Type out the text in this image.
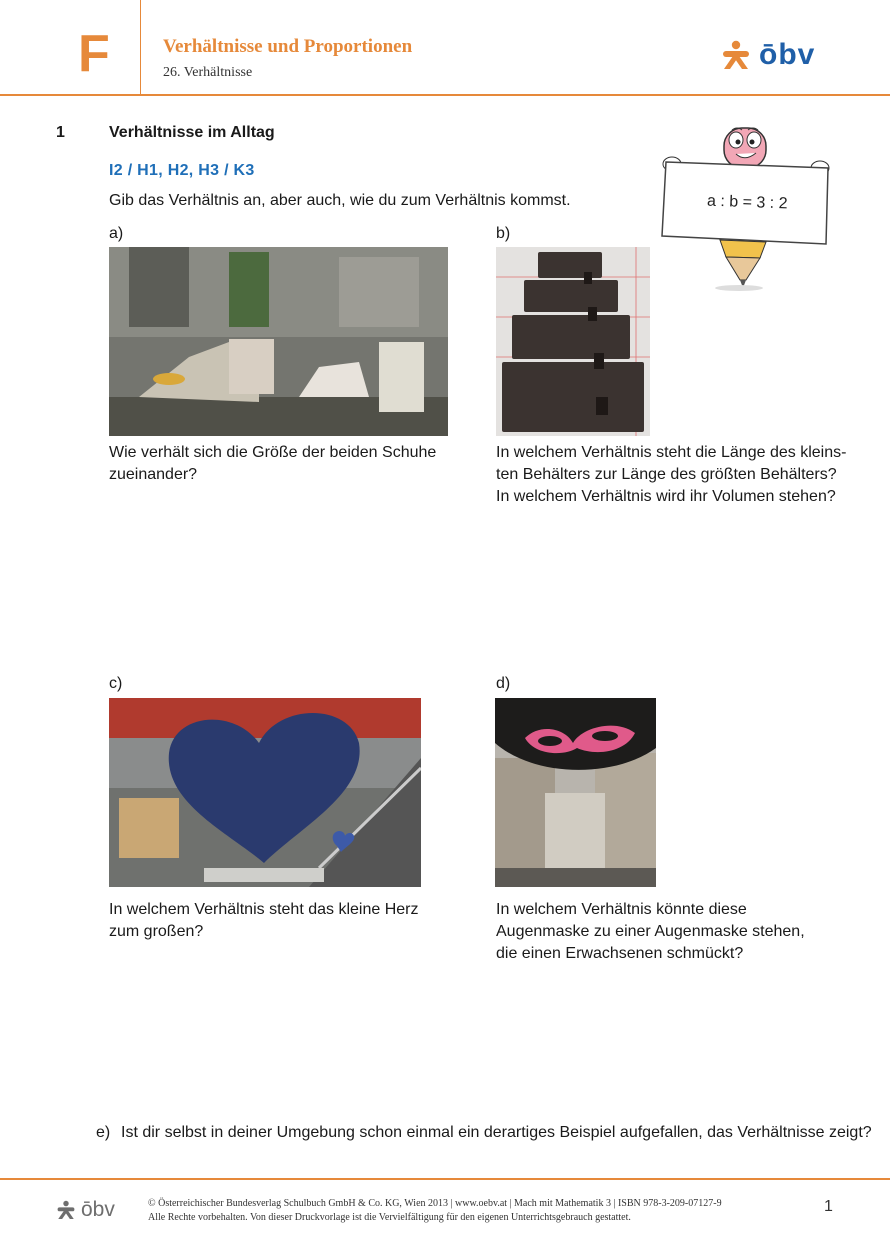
F	Verhältnisse und Proportionen
26. Verhältnisse
ōbv
1	Verhältnisse im Alltag
I2 / H1, H2, H3 / K3
Gib das Verhältnis an, aber auch, wie du zum Verhältnis kommst.	a : b = 3 : 2
a)
Wie verhält sich die Größe der beiden Schuhe
zueinander?
b)
In welchem Verhältnis steht die Länge des kleins-
ten Behälters zur Länge des größten Behälters?
In welchem Verhältnis wird ihr Volumen stehen?
c)
In welchem Verhältnis steht das kleine Herz
zum großen?
d)
In welchem Verhältnis könnte diese
Augenmaske zu einer Augenmaske stehen,
die einen Erwachsenen schmückt?
e) Ist dir selbst in deiner Umgebung schon einmal ein derartiges Beispiel aufgefallen, das Verhältnisse zeigt?
ōbv	© Österreichischer Bundesverlag Schulbuch GmbH & Co. KG, Wien 2013 | www.oebv.at | Mach mit Mathematik 3 | ISBN 978-3-209-07127-9
Alle Rechte vorbehalten. Von dieser Druckvorlage ist die Vervielfältigung für den eigenen Unterrichtsgebrauch gestattet.
1
